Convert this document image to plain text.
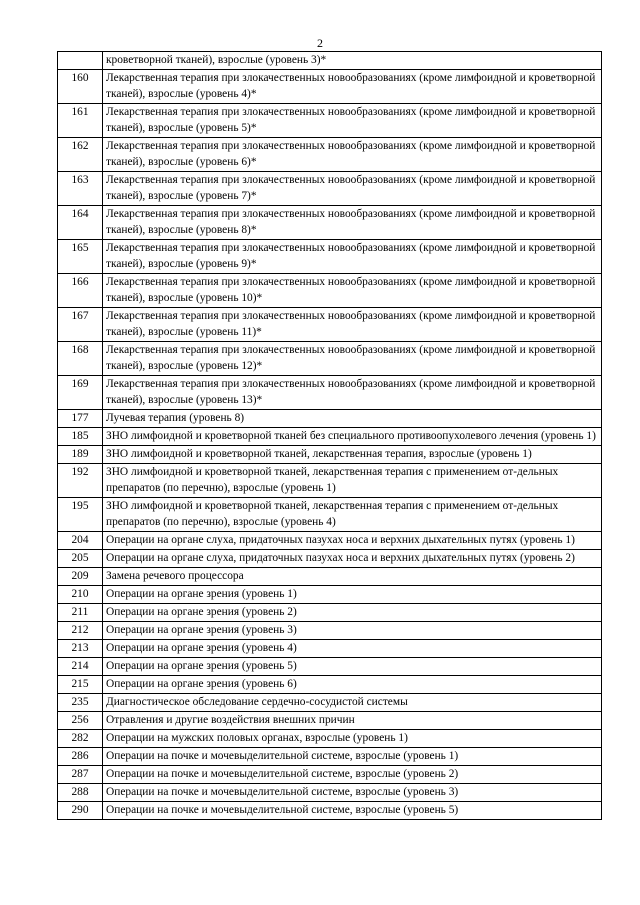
2
	кроветворной тканей), взрослые (уровень 3)*
160	Лекарственная терапия при злокачественных новообразованиях (кроме лимфоидной и кроветворной тканей), взрослые (уровень 4)*
161	Лекарственная терапия при злокачественных новообразованиях (кроме лимфоидной и кроветворной тканей), взрослые (уровень 5)*
162	Лекарственная терапия при злокачественных новообразованиях (кроме лимфоидной и кроветворной тканей), взрослые (уровень 6)*
163	Лекарственная терапия при злокачественных новообразованиях (кроме лимфоидной и кроветворной тканей), взрослые (уровень 7)*
164	Лекарственная терапия при злокачественных новообразованиях (кроме лимфоидной и кроветворной тканей), взрослые (уровень 8)*
165	Лекарственная терапия при злокачественных новообразованиях (кроме лимфоидной и кроветворной тканей), взрослые (уровень 9)*
166	Лекарственная терапия при злокачественных новообразованиях (кроме лимфоидной и кроветворной тканей), взрослые (уровень 10)*
167	Лекарственная терапия при злокачественных новообразованиях (кроме лимфоидной и кроветворной тканей), взрослые (уровень 11)*
168	Лекарственная терапия при злокачественных новообразованиях (кроме лимфоидной и кроветворной тканей), взрослые (уровень 12)*
169	Лекарственная терапия при злокачественных новообразованиях (кроме лимфоидной и кроветворной тканей), взрослые (уровень 13)*
177	Лучевая терапия (уровень 8)
185	ЗНО лимфоидной и кроветворной тканей без специального противоопухолевого лечения (уровень 1)
189	ЗНО лимфоидной и кроветворной тканей, лекарственная терапия, взрослые (уровень 1)
192	ЗНО лимфоидной и кроветворной тканей, лекарственная терапия с применением от-дельных препаратов (по перечню), взрослые (уровень 1)
195	ЗНО лимфоидной и кроветворной тканей, лекарственная терапия с применением от-дельных препаратов (по перечню), взрослые (уровень 4)
204	Операции на органе слуха, придаточных пазухах носа и верхних дыхательных путях (уровень 1)
205	Операции на органе слуха, придаточных пазухах носа и верхних дыхательных путях (уровень 2)
209	Замена речевого процессора
210	Операции на органе зрения (уровень 1)
211	Операции на органе зрения (уровень 2)
212	Операции на органе зрения (уровень 3)
213	Операции на органе зрения (уровень 4)
214	Операции на органе зрения (уровень 5)
215	Операции на органе зрения (уровень 6)
235	Диагностическое обследование сердечно-сосудистой системы
256	Отравления и другие воздействия внешних причин
282	Операции на мужских половых органах, взрослые (уровень 1)
286	Операции на почке и мочевыделительной системе, взрослые (уровень 1)
287	Операции на почке и мочевыделительной системе, взрослые (уровень 2)
288	Операции на почке и мочевыделительной системе, взрослые (уровень 3)
290	Операции на почке и мочевыделительной системе, взрослые (уровень 5)
